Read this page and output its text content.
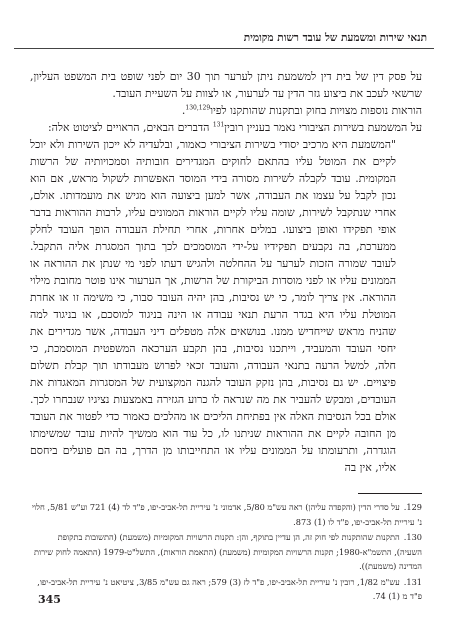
תנאי שירות ומשמעת של עובד רשות מקומית

על פסק דין של בית דין למשמעת ניתן לערער תוך 30 יום לפני שופט בית המשפט העליון, שרשאי לעכב את ביצוע גזר הדין עד לערעור, או לצוות על השעיית העובד.

הוראות נוספות מצויות בחוק ובתקנות שהותקנו לפיו$^{130,129}$.

על המשמעת בשירות הציבורי נאמר בעניין רובין$^{131}$ הדברים הבאים, הראויים לציטוט אלה:

"המשמעת היא מרכיב יסודי בשירות הציבורי כאמור, ובלעדיה לא ייכון השירות ולא יוכל לקיים את המוטל עליו בהתאם לחוקים המגדירים חובותיה וסמכויותיה של הרשות המקומית. עובד לקבלה לשירות מסורה בידי המוסד האפשרות לשקול מראש, אם הוא נכון לקבל על עצמו את העבודה, אשר למען ביצועה הוא מגיש את מועמדותו. אולם, אחרי שנתקבל לשירות, שומה עליו לקיים הוראות הממונים עליו, לרבות ההוראות בדבר אופי תפקידו ואופן ביצועו. במלים אחרות, אחרי תחילת העבודה הופך העובד לחלק ממערכת, בה נקבעים תפקידיו על-ידי המוסמכים לכך בתוך המסגרת אליה התקבל. לעובד שמורה הזכות לערער על ההחלטה ולהגיש דעתו לפני מי שנתן את ההוראה או הממונים עליו או לפני מוסדות הביקורת של הרשות, אך הערעור אינו פוטר מחובת מילוי ההוראה. אין צריך לומר, כי יש נסיבות, בהן יהיה העובד סבור, כי משימה זו או אחרת המוטלת עליו היא בגדר הרעת תנאי עבודה או הינה בניגוד למוסכם, או בניגוד למה שהניח מראש שייחדיש ממנו. בנושאים אלה מטפלים דיני העבודה, אשר מגדירים את יחסי העובד והמעביד, וייתכנו נסיבות, בהן תקבע הערכאה המשפטית המוסמכת, כי חלה, למשל הרעה בתנאי העבודה, והעובד זכאי לפרוש מעבודתו תוך קבלת תשלום פיצויים. יש גם נסיבות, בהן נזקק העובד להגנה המקצועית של המסגרות המאגדות את העובדים, ומבקש להעביר את מה שנראה לו כרוע הגזירה באמצעות נציגיו שנבחרו לכך. אולם בכל הנסיבות האלה אין בפתיחת הליכים או מהלכים כאמור כדי לפטור את העובד מן החובה לקיים את ההוראות שניתנו לו, כל עוד הוא ממשיך להיות עובד שמשימתו הוגדרה, ותרעומתו על הממונים עליו או התחייבותו מן הדרך, בה הם פועלים ביחסם אליו, אין בה

129.על סדרי הדין (והקפדה עליהן) ראה עש"מ 5/80, אדמוני נ' עיריית תל-אביב-יפו, פ"ד לד (4) 721 וע"ש 5/81, חלוי נ' עיריית תל-אביב-יפו, פ"ד לו (1) 873.

130.התקנות שהותקנות לפי חוק זה, הן עדיין בתוקף, והן: תקנות הרשויות המקומיות (משמעת) (התשובות בתקופת השעיה), התשמ"א-1980; תקנות הרשויות המקומיות (משמעת) (התאמת הוראות), התשל"ט-1979 (התאמה לחוק שירות המדינה (משמעת)).

131.עש"מ 1/82, רובין נ' עיריית תל-אביב-יפו, פ"ד לז (3) 579; ראה גם עש"מ 3/85, ציטיאט נ' עיריית תל-אביב-יפו, פ"ד מ (1) 74.

345
